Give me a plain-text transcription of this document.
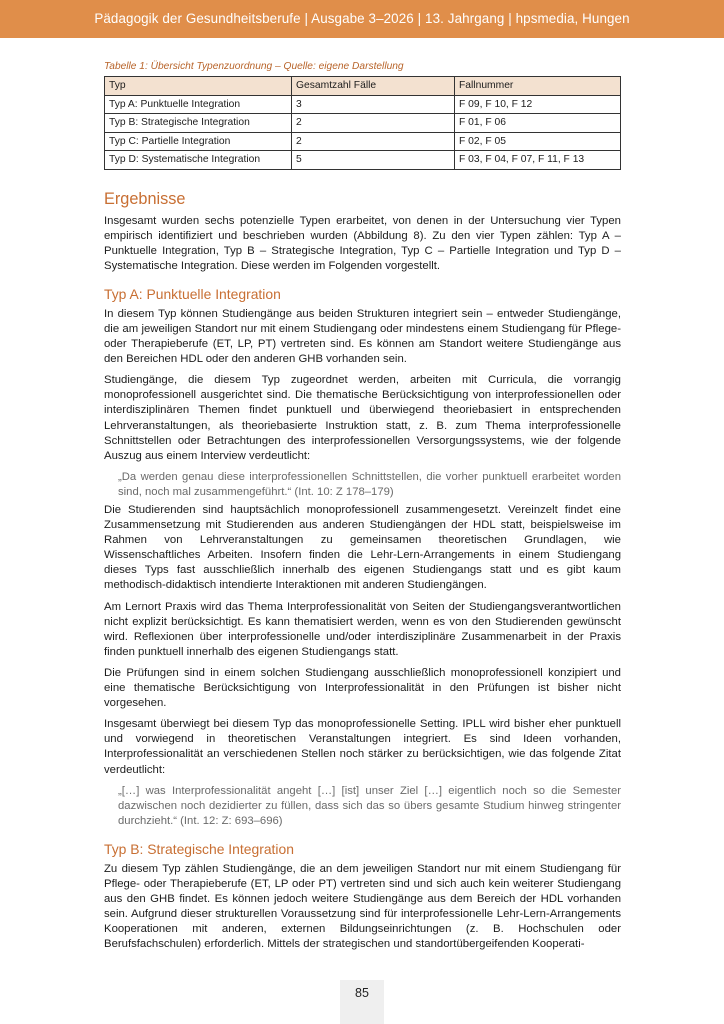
Pädagogik der Gesundheitsberufe | Ausgabe 3–2026 | 13. Jahrgang | hpsmedia, Hungen
Tabelle 1: Übersicht Typenzuordnung – Quelle: eigene Darstellung
Typ	Gesamtzahl Fälle	Fallnummer
Typ A: Punktuelle Integration	3	F 09, F 10, F 12
Typ B: Strategische Integration	2	F 01, F 06
Typ C: Partielle Integration	2	F 02, F 05
Typ D: Systematische Integration	5	F 03, F 04, F 07, F 11, F 13
Ergebnisse

Insgesamt wurden sechs potenzielle Typen erarbeitet, von denen in der Untersuchung vier Typen empirisch identifiziert und beschrieben wurden (Abbildung 8). Zu den vier Typen zählen: Typ A – Punktuelle Integration, Typ B – Strategische Integration, Typ C – Partielle Integration und Typ D – Systematische Integration. Diese werden im Folgenden vorgestellt.

Typ A: Punktuelle Integration

In diesem Typ können Studiengänge aus beiden Strukturen integriert sein – entweder Studiengänge, die am jeweiligen Standort nur mit einem Studiengang oder mindestens einem Studiengang für Pflege- oder Therapieberufe (ET, LP, PT) vertreten sind. Es können am Standort weitere Studiengänge aus den Bereichen HDL oder den anderen GHB vorhanden sein.

Studiengänge, die diesem Typ zugeordnet werden, arbeiten mit Curricula, die vorrangig monoprofessionell ausgerichtet sind. Die thematische Berücksichtigung von interprofessionellen oder interdisziplinären Themen findet punktuell und überwiegend theoriebasiert in entsprechenden Lehrveranstaltungen, als theoriebasierte Instruktion statt, z. B. zum Thema interprofessionelle Schnittstellen oder Betrachtungen des interprofessionellen Versorgungssystems, wie der folgende Auszug aus einem Interview verdeutlicht:

„Da werden genau diese interprofessionellen Schnittstellen, die vorher punktuell erarbeitet worden sind, noch mal zusammengeführt.“ (Int. 10: Z 178–179)

Die Studierenden sind hauptsächlich monoprofessionell zusammengesetzt. Vereinzelt findet eine Zusammensetzung mit Studierenden aus anderen Studiengängen der HDL statt, beispielsweise im Rahmen von Lehrveranstaltungen zu gemeinsamen theoretischen Grundlagen, wie Wissenschaftliches Arbeiten. Insofern finden die Lehr-Lern-Arrangements in einem Studiengang dieses Typs fast ausschließlich innerhalb des eigenen Studiengangs statt und es gibt kaum methodisch-didaktisch intendierte Interaktionen mit anderen Studiengängen.

Am Lernort Praxis wird das Thema Interprofessionalität von Seiten der Studiengangsverantwortlichen nicht explizit berücksichtigt. Es kann thematisiert werden, wenn es von den Studierenden gewünscht wird. Reflexionen über interprofessionelle und/oder interdisziplinäre Zusammenarbeit in der Praxis finden punktuell innerhalb des eigenen Studiengangs statt.

Die Prüfungen sind in einem solchen Studiengang ausschließlich monoprofessionell konzipiert und eine thematische Berücksichtigung von Interprofessionalität in den Prüfungen ist bisher nicht vorgesehen.

Insgesamt überwiegt bei diesem Typ das monoprofessionelle Setting. IPLL wird bisher eher punktuell und vorwiegend in theoretischen Veranstaltungen integriert. Es sind Ideen vorhanden, Interprofessionalität an verschiedenen Stellen noch stärker zu berücksichtigen, wie das folgende Zitat verdeutlicht:

„[…] was Interprofessionalität angeht […] [ist] unser Ziel […] eigentlich noch so die Semester dazwischen noch dezidierter zu füllen, dass sich das so übers gesamte Studium hinweg stringenter durchzieht.“ (Int. 12: Z: 693–696)

Typ B: Strategische Integration

Zu diesem Typ zählen Studiengänge, die an dem jeweiligen Standort nur mit einem Studiengang für Pflege- oder Therapieberufe (ET, LP oder PT) vertreten sind und sich auch kein weiterer Studiengang aus den GHB findet. Es können jedoch weitere Studiengänge aus dem Bereich der HDL vorhanden sein. Aufgrund dieser strukturellen Voraussetzung sind für interprofessionelle Lehr-Lern-Arrangements Kooperationen mit anderen, externen Bildungseinrichtungen (z. B. Hochschulen oder Berufsfachschulen) erforderlich. Mittels der strategischen und standortübergeifenden Kooperati-

85
